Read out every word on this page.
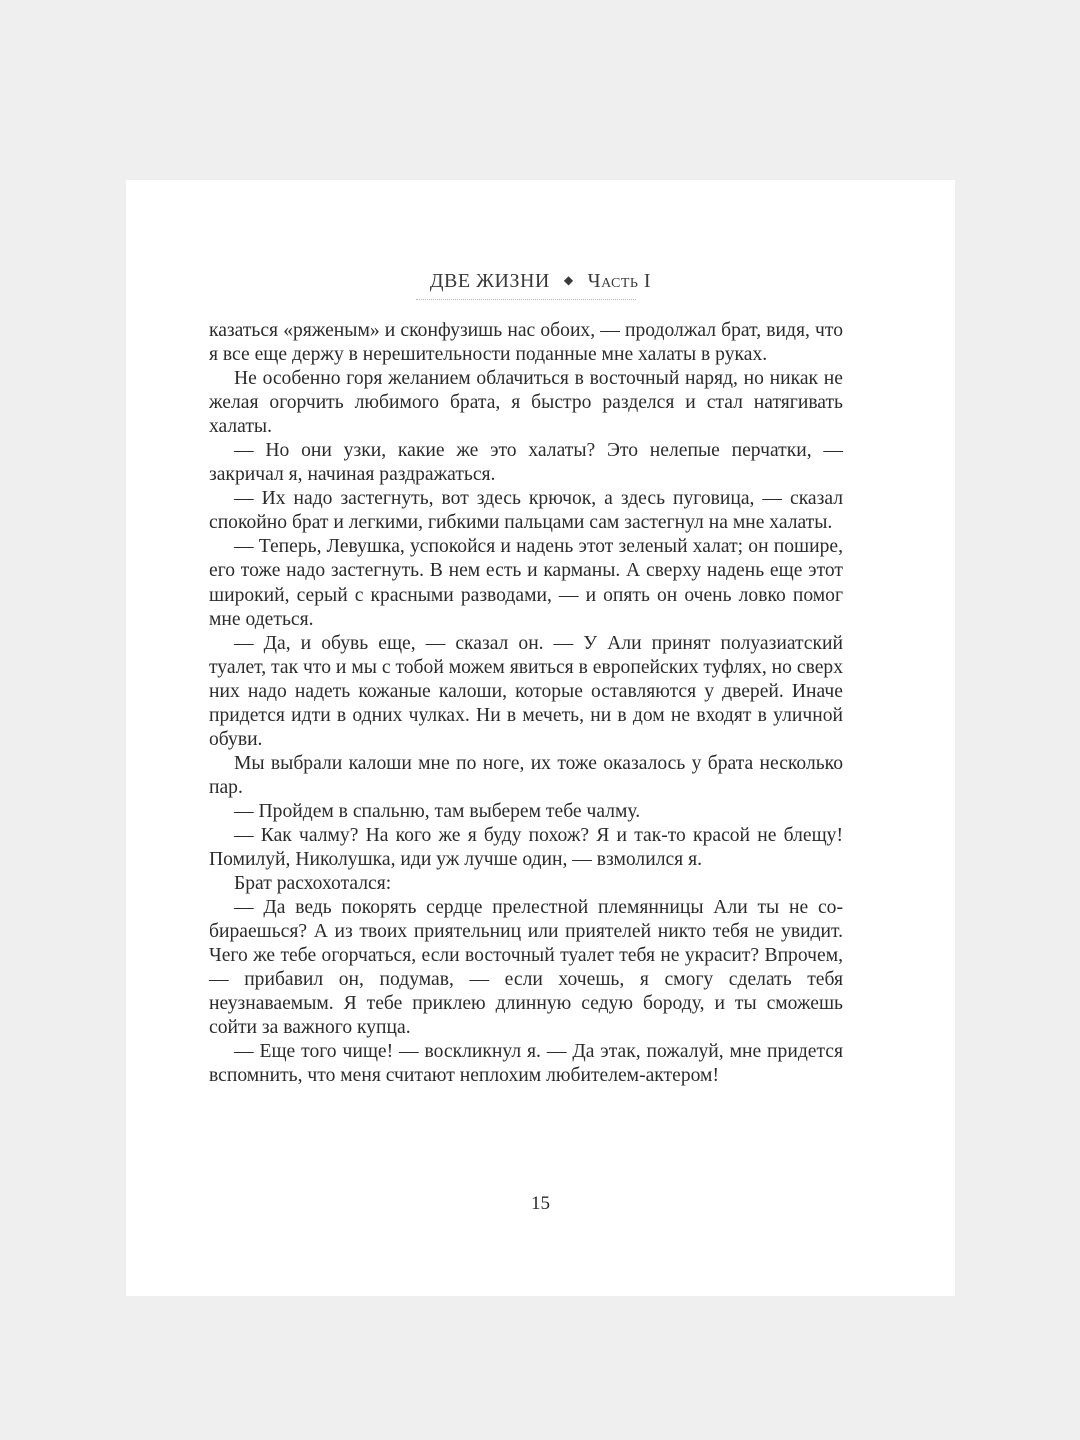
ДВЕ ЖИЗНИ ◆ Часть I

казаться «ряженым» и сконфузишь нас обоих, — продолжал брат, видя, что я все еще держу в нерешительности поданные мне халаты в руках.

Не особенно горя желанием облачиться в восточный наряд, но никак не желая огорчить любимого брата, я быстро разделся и стал натягивать халаты.

— Но они узки, какие же это халаты? Это нелепые перчатки, — закричал я, начиная раздражаться.

— Их надо застегнуть, вот здесь крючок, а здесь пуговица, — сказал спокойно брат и легкими, гибкими пальцами сам застегнул на мне халаты.

— Теперь, Левушка, успокойся и надень этот зеленый халат; он пошире, его тоже надо застегнуть. В нем есть и карманы. А сверху надень еще этот широкий, серый с красными разводами, — и опять он очень ловко помог мне одеться.

— Да, и обувь еще, — сказал он. — У Али принят полуазиатский туалет, так что и мы с тобой можем явиться в европейских туфлях, но сверх них надо надеть кожаные калоши, которые оставляются у дверей. Иначе придется идти в одних чулках. Ни в мечеть, ни в дом не входят в уличной обуви.

Мы выбрали калоши мне по ноге, их тоже оказалось у брата несколько пар.

— Пройдем в спальню, там выберем тебе чалму.

— Как чалму? На кого же я буду похож? Я и так-то красой не блещу! Помилуй, Николушка, иди уж лучше один, — взмолился я.

Брат расхохотался:

— Да ведь покорять сердце прелестной племянницы Али ты не собираешься? А из твоих приятельниц или приятелей никто тебя не увидит. Чего же тебе огорчаться, если восточный туалет тебя не украсит? Впрочем, — прибавил он, подумав, — если хочешь, я смогу сделать тебя неузнаваемым. Я тебе приклею длинную седую бороду, и ты сможешь сойти за важного купца.

— Еще того чище! — воскликнул я. — Да этак, пожалуй, мне придется вспомнить, что меня считают неплохим любителем-актером!

15
